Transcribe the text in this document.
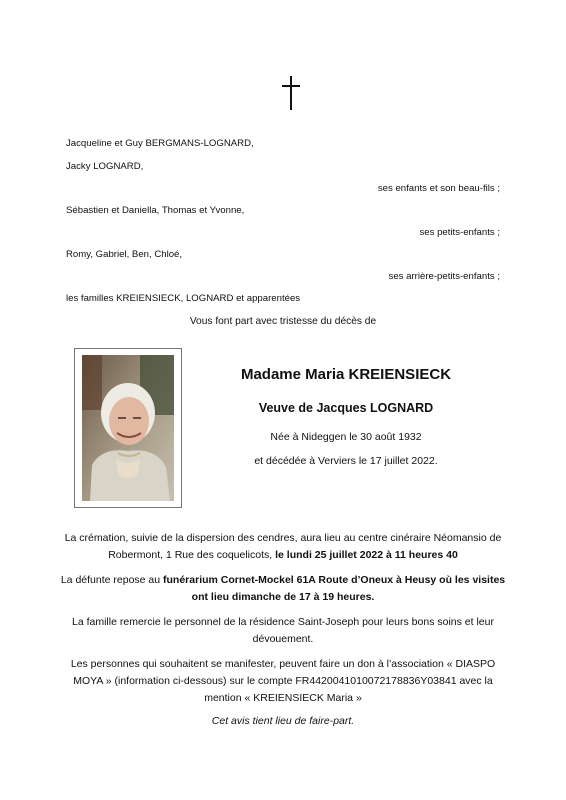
Jacqueline et Guy BERGMANS-LOGNARD,
Jacky LOGNARD,
ses enfants et son beau-fils ;
Sébastien et Daniella, Thomas et Yvonne,
ses petits-enfants ;
Romy, Gabriel, Ben, Chloé,
ses arrière-petits-enfants ;
les familles KREIENSIECK, LOGNARD et apparentées
Vous font part avec tristesse du décès de
Madame Maria KREIENSIECK
Veuve de Jacques LOGNARD
Née à Nideggen le 30 août 1932
et décédée à Verviers le 17 juillet 2022.
La crémation, suivie de la dispersion des cendres, aura lieu au centre cinéraire Néomansio de Robermont, 1 Rue des coquelicots, le lundi 25 juillet 2022 à 11 heures 40
La défunte repose au funérarium Cornet-Mockel 61A Route d’Oneux à Heusy où les visites ont lieu dimanche de 17 à 19 heures.
La famille remercie le personnel de la résidence Saint-Joseph pour leurs bons soins et leur dévouement.
Les personnes qui souhaitent se manifester, peuvent faire un don à l’association « DIASPO MOYA » (information ci-dessous) sur le compte FR4420041010072178836Y03841 avec la mention « KREIENSIECK Maria »
Cet avis tient lieu de faire-part.
